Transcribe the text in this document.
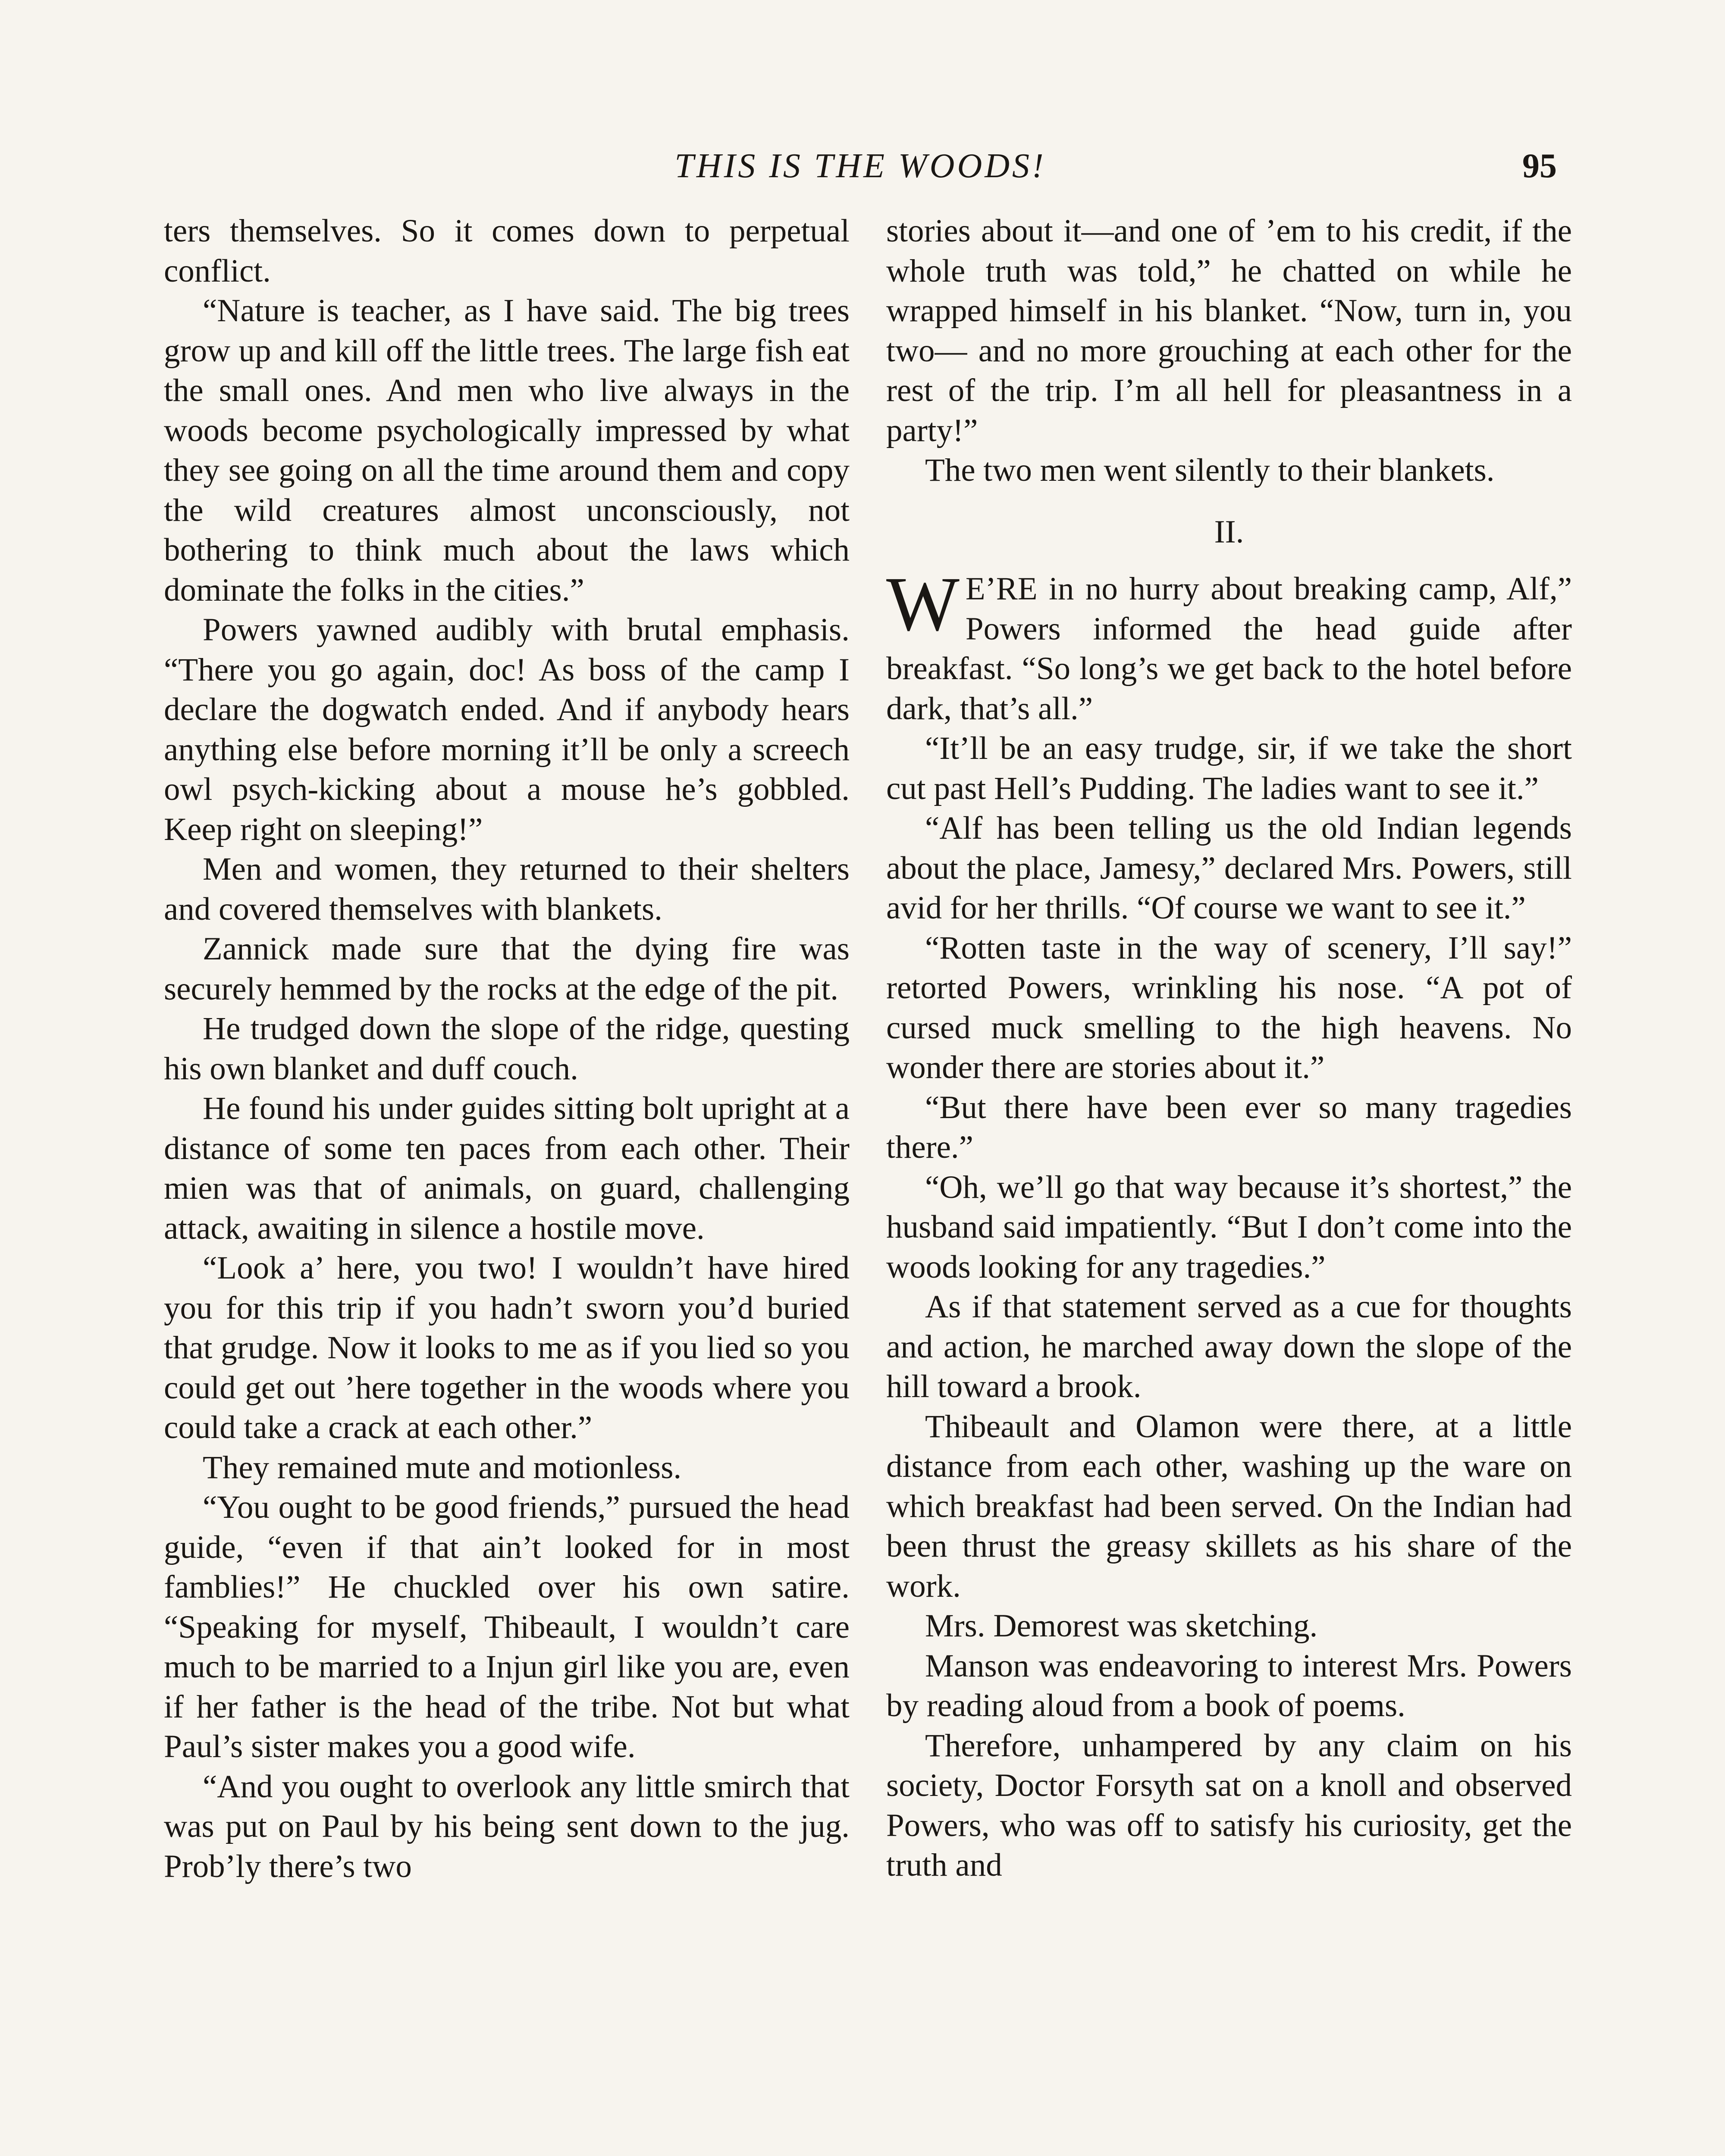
THIS IS THE WOODS!	95

ters themselves. So it comes down to perpetual conflict.

“Nature is teacher, as I have said. The big trees grow up and kill off the little trees. The large fish eat the small ones. And men who live always in the woods become psychologically impressed by what they see going on all the time around them and copy the wild creatures almost unconsciously, not bothering to think much about the laws which dominate the folks in the cities.”

Powers yawned audibly with brutal emphasis. “There you go again, doc! As boss of the camp I declare the dogwatch ended. And if anybody hears anything else before morning it’ll be only a screech owl psych-kicking about a mouse he’s gobbled. Keep right on sleeping!”

Men and women, they returned to their shelters and covered themselves with blankets.

Zannick made sure that the dying fire was securely hemmed by the rocks at the edge of the pit.

He trudged down the slope of the ridge, questing his own blanket and duff couch.

He found his under guides sitting bolt upright at a distance of some ten paces from each other. Their mien was that of animals, on guard, challenging attack, awaiting in silence a hostile move.

“Look a’ here, you two! I wouldn’t have hired you for this trip if you hadn’t sworn you’d buried that grudge. Now it looks to me as if you lied so you could get out ’here together in the woods where you could take a crack at each other.”

They remained mute and motionless.

“You ought to be good friends,” pursued the head guide, “even if that ain’t looked for in most famblies!” He chuckled over his own satire. “Speaking for myself, Thibeault, I wouldn’t care much to be married to a Injun girl like you are, even if her father is the head of the tribe. Not but what Paul’s sister makes you a good wife.

“And you ought to overlook any little smirch that was put on Paul by his being sent down to the jug. Prob’ly there’s two

stories about it—and one of ’em to his credit, if the whole truth was told,” he chatted on while he wrapped himself in his blanket. “Now, turn in, you two— and no more grouching at each other for the rest of the trip. I’m all hell for pleasantness in a party!”

The two men went silently to their blankets.

II.

W E’RE in no hurry about breaking camp, Alf,” Powers informed the head guide after breakfast. “So long’s we get back to the hotel before dark, that’s all.”

“It’ll be an easy trudge, sir, if we take the short cut past Hell’s Pudding. The ladies want to see it.”

“Alf has been telling us the old Indian legends about the place, Jamesy,” declared Mrs. Powers, still avid for her thrills. “Of course we want to see it.”

“Rotten taste in the way of scenery, I’ll say!” retorted Powers, wrinkling his nose. “A pot of cursed muck smelling to the high heavens. No wonder there are stories about it.”

“But there have been ever so many tragedies there.”

“Oh, we’ll go that way because it’s shortest,” the husband said impatiently. “But I don’t come into the woods looking for any tragedies.”

As if that statement served as a cue for thoughts and action, he marched away down the slope of the hill toward a brook.

Thibeault and Olamon were there, at a little distance from each other, washing up the ware on which breakfast had been served. On the Indian had been thrust the greasy skillets as his share of the work.

Mrs. Demorest was sketching.

Manson was endeavoring to interest Mrs. Powers by reading aloud from a book of poems.

Therefore, unhampered by any claim on his society, Doctor Forsyth sat on a knoll and observed Powers, who was off to satisfy his curiosity, get the truth and
